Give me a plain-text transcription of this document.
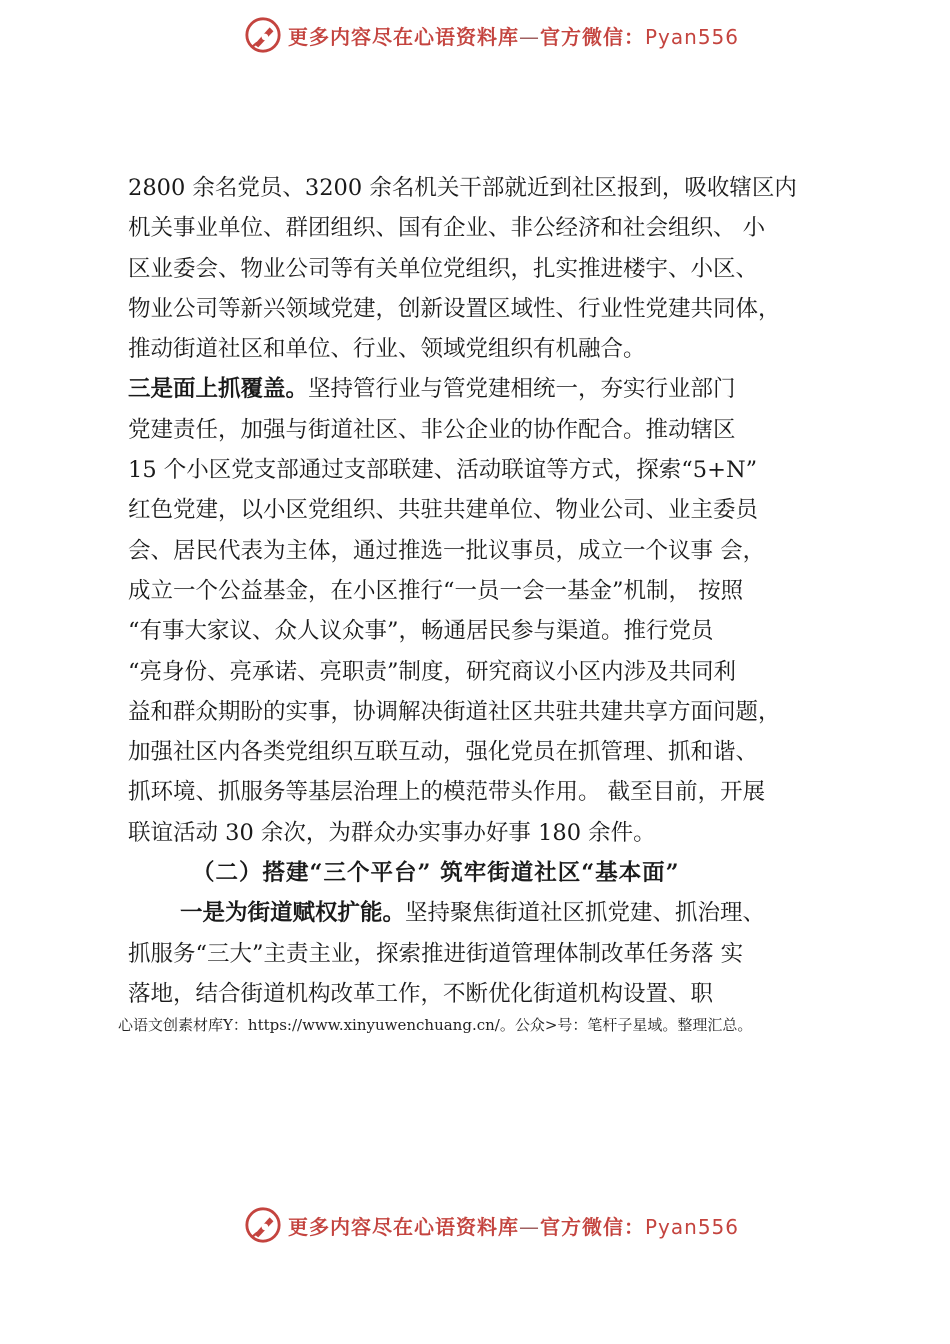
更多内容尽在心语资料库—官方微信：Pyan556
2800 余名党员、3200 余名机关干部就近到社区报到，吸收辖区内
机关事业单位、群团组织、国有企业、非公经济和社会组织、 小
区业委会、物业公司等有关单位党组织，扎实推进楼宇、小区、
物业公司等新兴领域党建，创新设置区域性、行业性党建共同体，
推动街道社区和单位、行业、领域党组织有机融合。
三是面上抓覆盖。坚持管行业与管党建相统一，夯实行业部门
党建责任，加强与街道社区、非公企业的协作配合。推动辖区
15 个小区党支部通过支部联建、活动联谊等方式，探索“5+N”
红色党建，以小区党组织、共驻共建单位、物业公司、业主委员
会、居民代表为主体，通过推选一批议事员，成立一个议事 会，
成立一个公益基金，在小区推行“一员一会一基金”机制， 按照
“有事大家议、众人议众事”，畅通居民参与渠道。推行党员
“亮身份、亮承诺、亮职责”制度，研究商议小区内涉及共同利
益和群众期盼的实事，协调解决街道社区共驻共建共享方面问题，
加强社区内各类党组织互联互动，强化党员在抓管理、抓和谐、
抓环境、抓服务等基层治理上的模范带头作用。 截至目前，开展
联谊活动 30 余次，为群众办实事办好事 180 余件。
（二）搭建“三个平台” 筑牢街道社区“基本面”
一是为街道赋权扩能。坚持聚焦街道社区抓党建、抓治理、
抓服务“三大”主责主业，探索推进街道管理体制改革任务落 实
落地，结合街道机构改革工作，不断优化街道机构设置、职
心语文创素材库Y：https://www.xinyuwenchuang.cn/。公众>号：笔杆子星域。整理汇总。
更多内容尽在心语资料库—官方微信：Pyan556
